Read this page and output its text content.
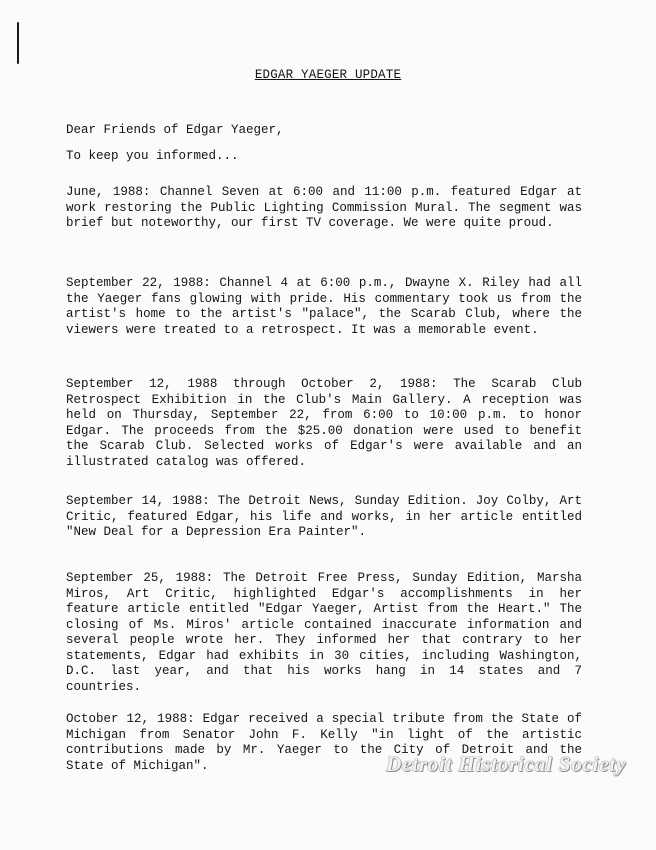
EDGAR YAEGER UPDATE

Dear Friends of Edgar Yaeger,

To keep you informed...

June, 1988: Channel Seven at 6:00 and 11:00 p.m. featured Edgar at work restoring the Public Lighting Commission Mural. The segment was brief but noteworthy, our first TV coverage. We were quite proud.

September 22, 1988: Channel 4 at 6:00 p.m., Dwayne X. Riley had all the Yaeger fans glowing with pride. His commentary took us from the artist's home to the artist's "palace", the Scarab Club, where the viewers were treated to a retrospect. It was a memorable event.

September 12, 1988 through October 2, 1988: The Scarab Club Retrospect Exhibition in the Club's Main Gallery. A reception was held on Thursday, September 22, from 6:00 to 10:00 p.m. to honor Edgar. The proceeds from the $25.00 donation were used to benefit the Scarab Club. Selected works of Edgar's were available and an illustrated catalog was offered.

September 14, 1988: The Detroit News, Sunday Edition. Joy Colby, Art Critic, featured Edgar, his life and works, in her article entitled "New Deal for a Depression Era Painter".

September 25, 1988: The Detroit Free Press, Sunday Edition, Marsha Miros, Art Critic, highlighted Edgar's accomplishments in her feature article entitled "Edgar Yaeger, Artist from the Heart." The closing of Ms. Miros' article contained inaccurate information and several people wrote her. They informed her that contrary to her statements, Edgar had exhibits in 30 cities, including Washington, D.C. last year, and that his works hang in 14 states and 7 countries.

October 12, 1988: Edgar received a special tribute from the State of Michigan from Senator John F. Kelly "in light of the artistic contributions made by Mr. Yaeger to the City of Detroit and the State of Michigan".	Detroit Historical Society
